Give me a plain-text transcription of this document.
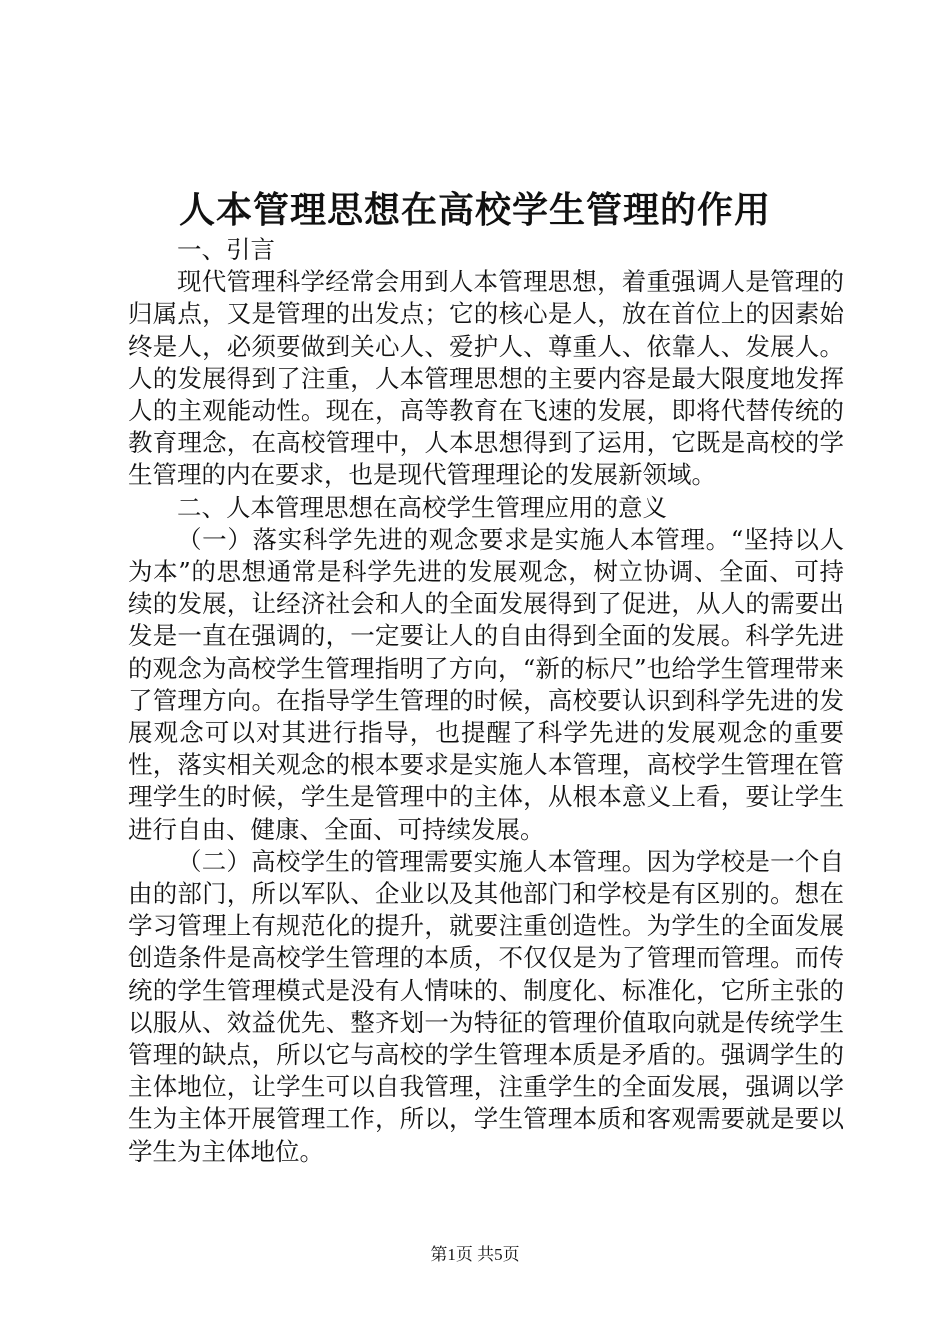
人本管理思想在高校学生管理的作用

一、引言

现代管理科学经常会用到人本管理思想，着重强调人是管理的归属点，又是管理的出发点；它的核心是人，放在首位上的因素始终是人，必须要做到关心人、爱护人、尊重人、依靠人、发展人。人的发展得到了注重，人本管理思想的主要内容是最大限度地发挥人的主观能动性。现在，高等教育在飞速的发展，即将代替传统的教育理念，在高校管理中，人本思想得到了运用，它既是高校的学生管理的内在要求，也是现代管理理论的发展新领域。

二、人本管理思想在高校学生管理应用的意义

（一）落实科学先进的观念要求是实施人本管理。“坚持以人为本”的思想通常是科学先进的发展观念，树立协调、全面、可持续的发展，让经济社会和人的全面发展得到了促进，从人的需要出发是一直在强调的，一定要让人的自由得到全面的发展。科学先进的观念为高校学生管理指明了方向，“新的标尺”也给学生管理带来了管理方向。在指导学生管理的时候，高校要认识到科学先进的发展观念可以对其进行指导，也提醒了科学先进的发展观念的重要性，落实相关观念的根本要求是实施人本管理，高校学生管理在管理学生的时候，学生是管理中的主体，从根本意义上看，要让学生进行自由、健康、全面、可持续发展。

（二）高校学生的管理需要实施人本管理。因为学校是一个自由的部门，所以军队、企业以及其他部门和学校是有区别的。想在学习管理上有规范化的提升，就要注重创造性。为学生的全面发展创造条件是高校学生管理的本质，不仅仅是为了管理而管理。而传统的学生管理模式是没有人情味的、制度化、标准化，它所主张的以服从、效益优先、整齐划一为特征的管理价值取向就是传统学生管理的缺点，所以它与高校的学生管理本质是矛盾的。强调学生的主体地位，让学生可以自我管理，注重学生的全面发展，强调以学生为主体开展管理工作，所以，学生管理本质和客观需要就是要以学生为主体地位。

第1页 共5页
